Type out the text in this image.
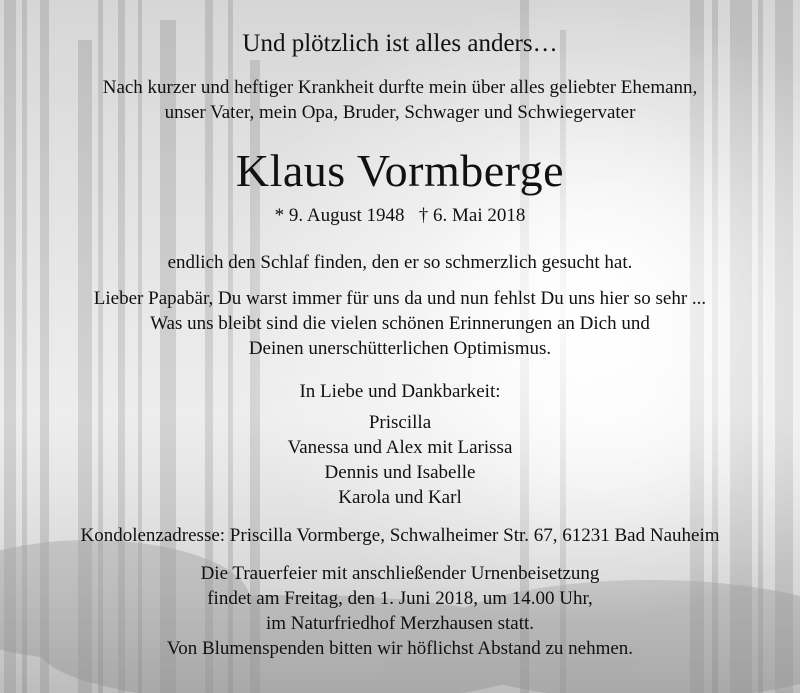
Und plötzlich ist alles anders…
Nach kurzer und heftiger Krankheit durfte mein über alles geliebter Ehemann,
unser Vater, mein Opa, Bruder, Schwager und Schwiegervater
Klaus Vormberge
* 9. August 1948   † 6. Mai 2018
endlich den Schlaf finden, den er so schmerzlich gesucht hat.
Lieber Papabär, Du warst immer für uns da und nun fehlst Du uns hier so sehr ...
Was uns bleibt sind die vielen schönen Erinnerungen an Dich und
Deinen unerschütterlichen Optimismus.
In Liebe und Dankbarkeit:
Priscilla
Vanessa und Alex mit Larissa
Dennis und Isabelle
Karola und Karl
Kondolenzadresse: Priscilla Vormberge, Schwalheimer Str. 67, 61231 Bad Nauheim
Die Trauerfeier mit anschließender Urnenbeisetzung
findet am Freitag, den 1. Juni 2018, um 14.00 Uhr,
im Naturfriedhof Merzhausen statt.
Von Blumenspenden bitten wir höflichst Abstand zu nehmen.
